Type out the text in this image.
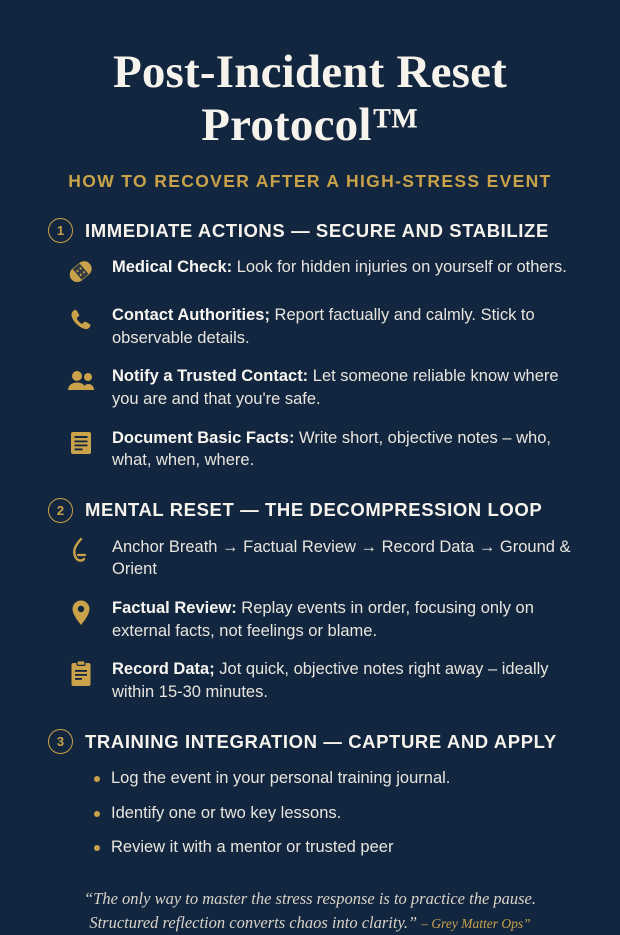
Post-Incident Reset Protocol™
HOW TO RECOVER AFTER A HIGH-STRESS EVENT
1	IMMEDIATE ACTIONS — SECURE AND STABILIZE
Medical Check: Look for hidden injuries on yourself or others.
Contact Authorities; Report factually and calmly. Stick to observable details.
Notify a Trusted Contact: Let someone reliable know where you are and that you're safe.
Document Basic Facts: Write short, objective notes – who, what, when, where.
2	MENTAL RESET — THE DECOMPRESSION LOOP
Anchor Breath → Factual Review → Record Data → Ground & Orient
Factual Review: Replay events in order, focusing only on external facts, not feelings or blame.
Record Data; Jot quick, objective notes right away – ideally within 15-30 minutes.
3	TRAINING INTEGRATION — CAPTURE AND APPLY
Log the event in your personal training journal.
Identify one or two key lessons.
Review it with a mentor or trusted peer
“The only way to master the stress response is to practice the pause.
Structured reflection converts chaos into clarity.” – Grey Matter Ops”
